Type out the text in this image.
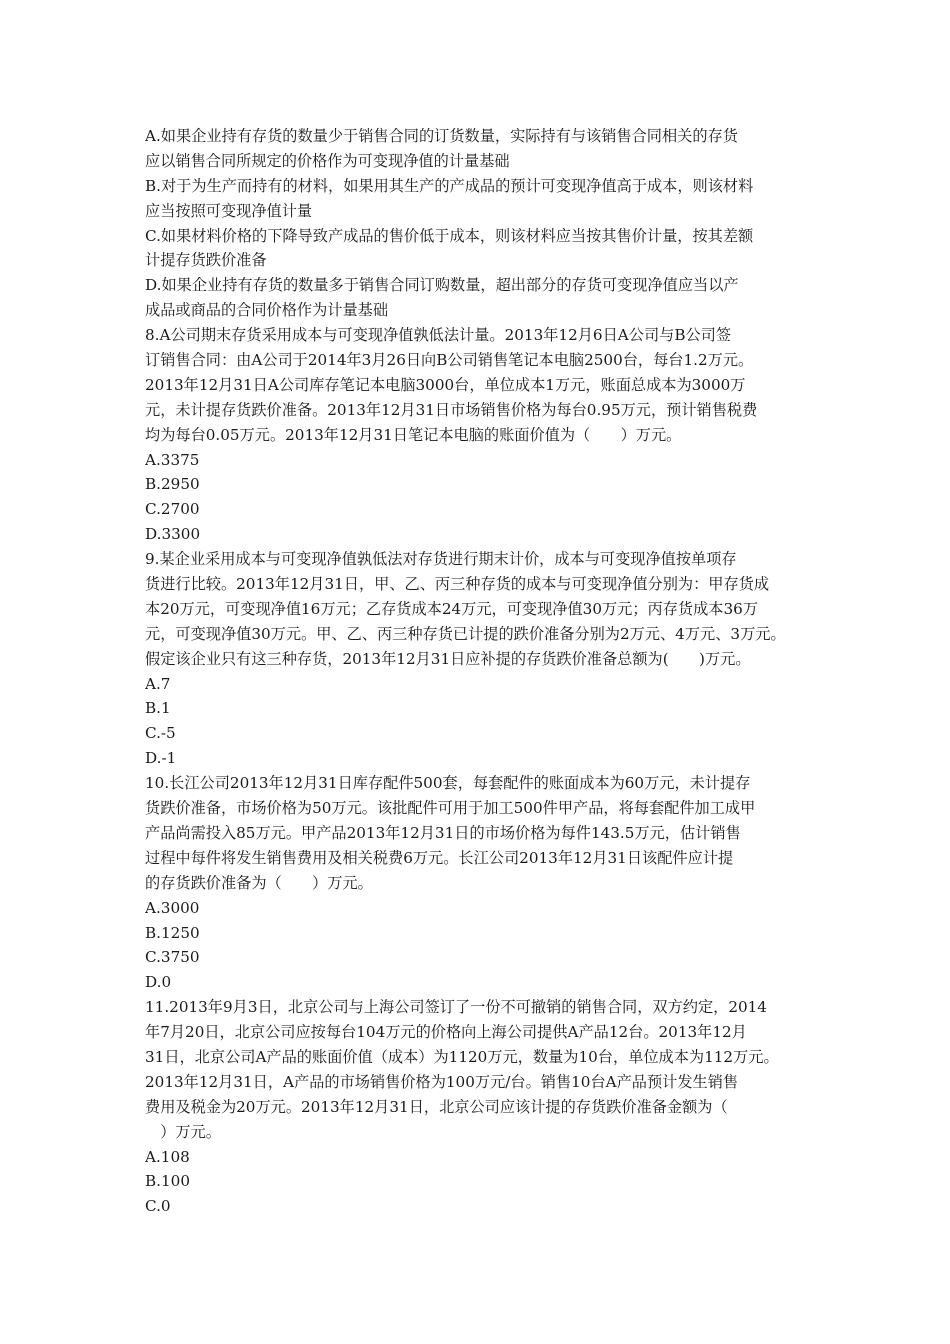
A.如果企业持有存货的数量少于销售合同的订货数量，实际持有与该销售合同相关的存货
应以销售合同所规定的价格作为可变现净值的计量基础
B.对于为生产而持有的材料，如果用其生产的产成品的预计可变现净值高于成本，则该材料
应当按照可变现净值计量
C.如果材料价格的下降导致产成品的售价低于成本，则该材料应当按其售价计量，按其差额
计提存货跌价准备
D.如果企业持有存货的数量多于销售合同订购数量，超出部分的存货可变现净值应当以产
成品或商品的合同价格作为计量基础
8.A公司期末存货采用成本与可变现净值孰低法计量。2013年12月6日A公司与B公司签
订销售合同：由A公司于2014年3月26日向B公司销售笔记本电脑2500台，每台1.2万元。
2013年12月31日A公司库存笔记本电脑3000台，单位成本1万元，账面总成本为3000万
元，未计提存货跌价准备。2013年12月31日市场销售价格为每台0.95万元，预计销售税费
均为每台0.05万元。2013年12月31日笔记本电脑的账面价值为（　　）万元。
A.3375
B.2950
C.2700
D.3300
9.某企业采用成本与可变现净值孰低法对存货进行期末计价，成本与可变现净值按单项存
货进行比较。2013年12月31日，甲、乙、丙三种存货的成本与可变现净值分别为：甲存货成
本20万元，可变现净值16万元；乙存货成本24万元，可变现净值30万元；丙存货成本36万
元，可变现净值30万元。甲、乙、丙三种存货已计提的跌价准备分别为2万元、4万元、3万元。
假定该企业只有这三种存货，2013年12月31日应补提的存货跌价准备总额为(　　)万元。
A.7
B.1
C.-5
D.-1
10.长江公司2013年12月31日库存配件500套，每套配件的账面成本为60万元，未计提存
货跌价准备，市场价格为50万元。该批配件可用于加工500件甲产品，将每套配件加工成甲
产品尚需投入85万元。甲产品2013年12月31日的市场价格为每件143.5万元，估计销售
过程中每件将发生销售费用及相关税费6万元。长江公司2013年12月31日该配件应计提
的存货跌价准备为（　　）万元。
A.3000
B.1250
C.3750
D.0
11.2013年9月3日，北京公司与上海公司签订了一份不可撤销的销售合同，双方约定，2014
年7月20日，北京公司应按每台104万元的价格向上海公司提供A产品12台。2013年12月
31日，北京公司A产品的账面价值（成本）为1120万元，数量为10台，单位成本为112万元。
2013年12月31日，A产品的市场销售价格为100万元/台。销售10台A产品预计发生销售
费用及税金为20万元。2013年12月31日，北京公司应该计提的存货跌价准备金额为（
　）万元。
A.108
B.100
C.0
